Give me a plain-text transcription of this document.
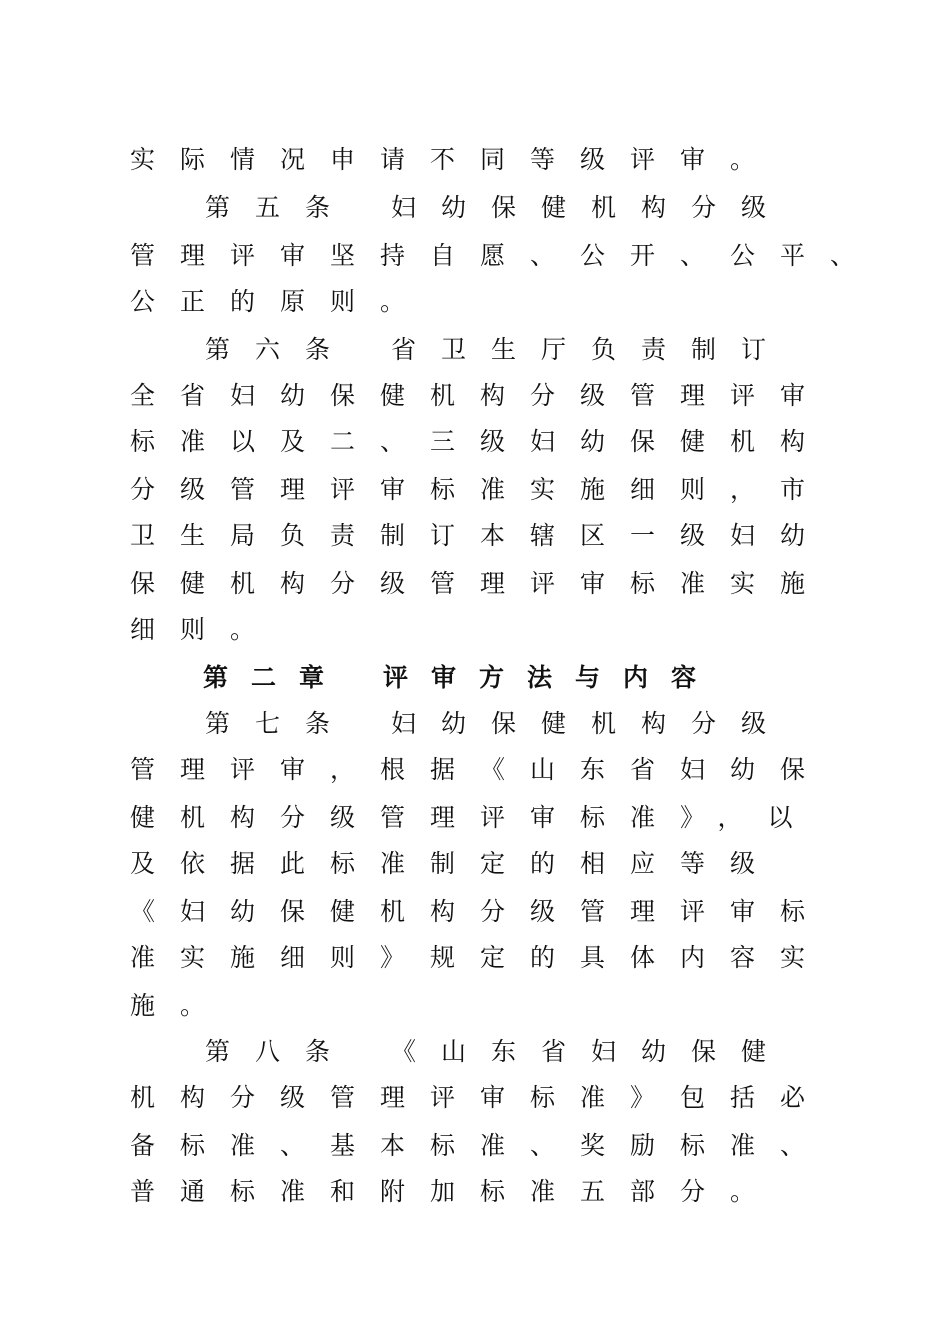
实际情况申请不同等级评审。
第五条 妇幼保健机构分级
管理评审坚持自愿、公开、公平、
公正的原则。
第六条 省卫生厅负责制订
全省妇幼保健机构分级管理评审
标准以及二、三级妇幼保健机构
分级管理评审标准实施细则，市
卫生局负责制订本辖区一级妇幼
保健机构分级管理评审标准实施
细则。
第二章 评审方法与内容
第七条 妇幼保健机构分级
管理评审，根据《山东省妇幼保
健机构分级管理评审标准》，以
及依据此标准制定的相应等级
《妇幼保健机构分级管理评审标
准实施细则》规定的具体内容实
施。
第八条 《山东省妇幼保健
机构分级管理评审标准》包括必
备标准、基本标准、奖励标准、
普通标准和附加标准五部分。
